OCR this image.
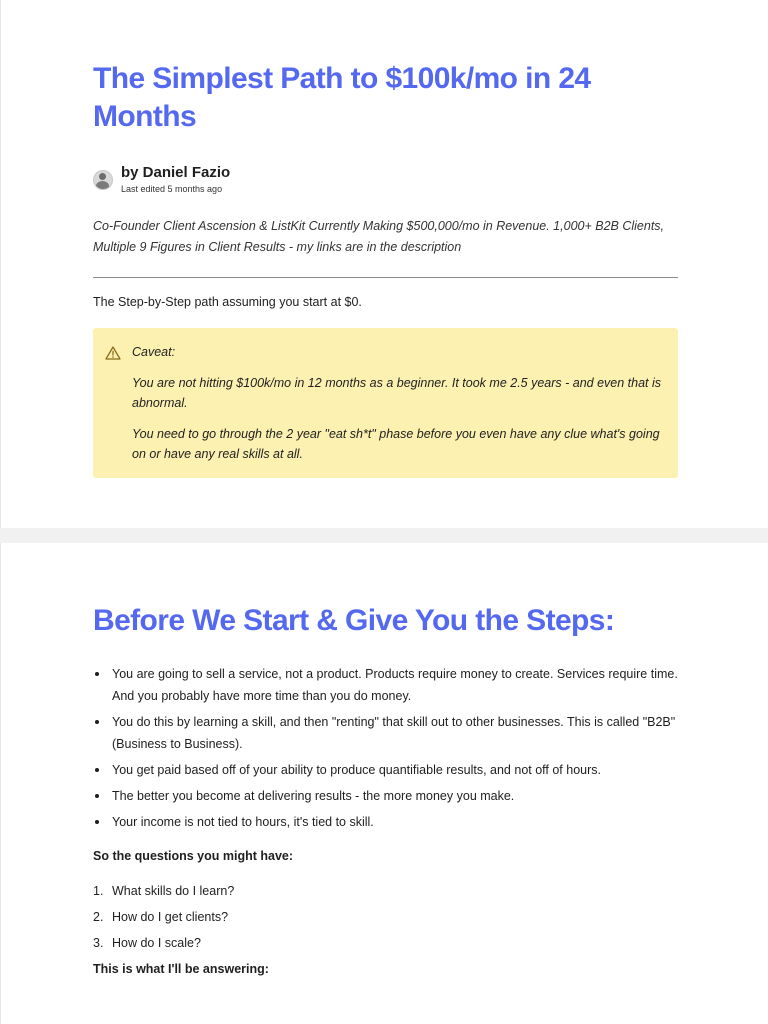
The Simplest Path to $100k/mo in 24 Months
by Daniel Fazio
Last edited 5 months ago
Co-Founder Client Ascension & ListKit Currently Making $500,000/mo in Revenue. 1,000+ B2B Clients, Multiple 9 Figures in Client Results - my links are in the description
The Step-by-Step path assuming you start at $0.

Caveat:

You are not hitting $100k/mo in 12 months as a beginner. It took me 2.5 years - and even that is abnormal.

You need to go through the 2 year "eat sh*t" phase before you even have any clue what's going on or have any real skills at all.

Before We Start & Give You the Steps:
You are going to sell a service, not a product. Products require money to create. Services require time. And you probably have more time than you do money.
You do this by learning a skill, and then "renting" that skill out to other businesses. This is called "B2B" (Business to Business).
You get paid based off of your ability to produce quantifiable results, and not off of hours.
The better you become at delivering results - the more money you make.
Your income is not tied to hours, it's tied to skill.
So the questions you might have:
1. What skills do I learn?
2. How do I get clients?
3. How do I scale?
This is what I'll be answering:
